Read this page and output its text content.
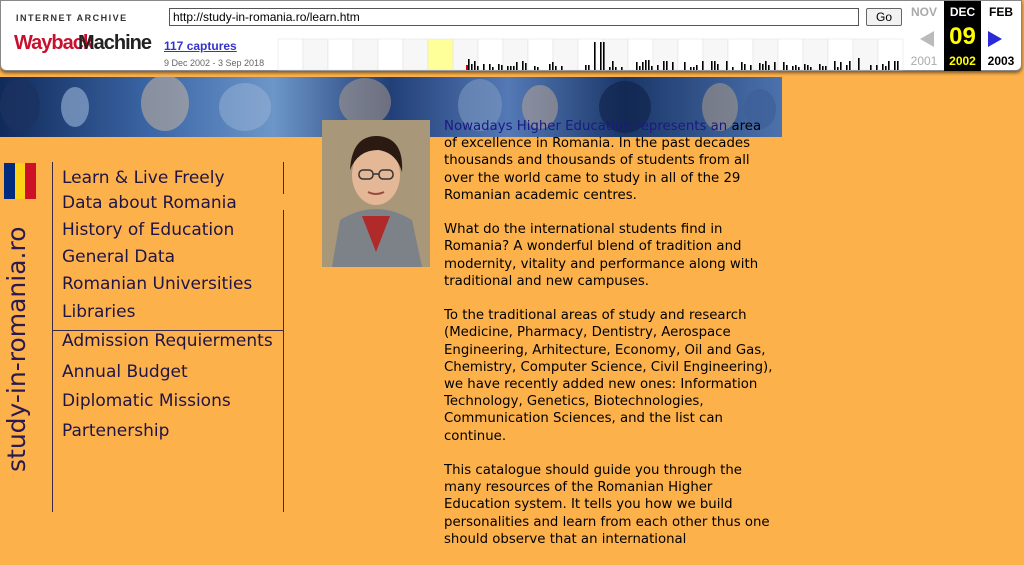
INTERNET ARCHIVE
Wayback
Machine
http://study-in-romania.ro/learn.htm	Go
117 captures
9 Dec 2002 - 3 Sep 2018
NOV
2001
DEC
09
2002
FEB
2003
study-in-romania.ro
Learn & Live Freely
Data about Romania
History of Education
General Data
Romanian Universities
Libraries
Admission Requierments
Annual Budget
Diplomatic Missions
Partenership

Nowadays Higher Education represents an area of excellence in Romania. In the past decades thousands and thousands of students from all over the world came to study in all of the 29 Romanian academic centres.

What do the international students find in Romania? A wonderful blend of tradition and modernity, vitality and performance along with traditional and new campuses.

To the traditional areas of study and research (Medicine, Pharmacy, Dentistry, Aerospace Engineering, Arhitecture, Economy, Oil and Gas, Chemistry, Computer Science, Civil Engineering), we have recently added new ones: Information Technology, Genetics, Biotechnologies, Communication Sciences, and the list can continue.

This catalogue should guide you through the many resources of the Romanian Higher Education system. It tells you how we build personalities and learn from each other thus one should observe that an international
